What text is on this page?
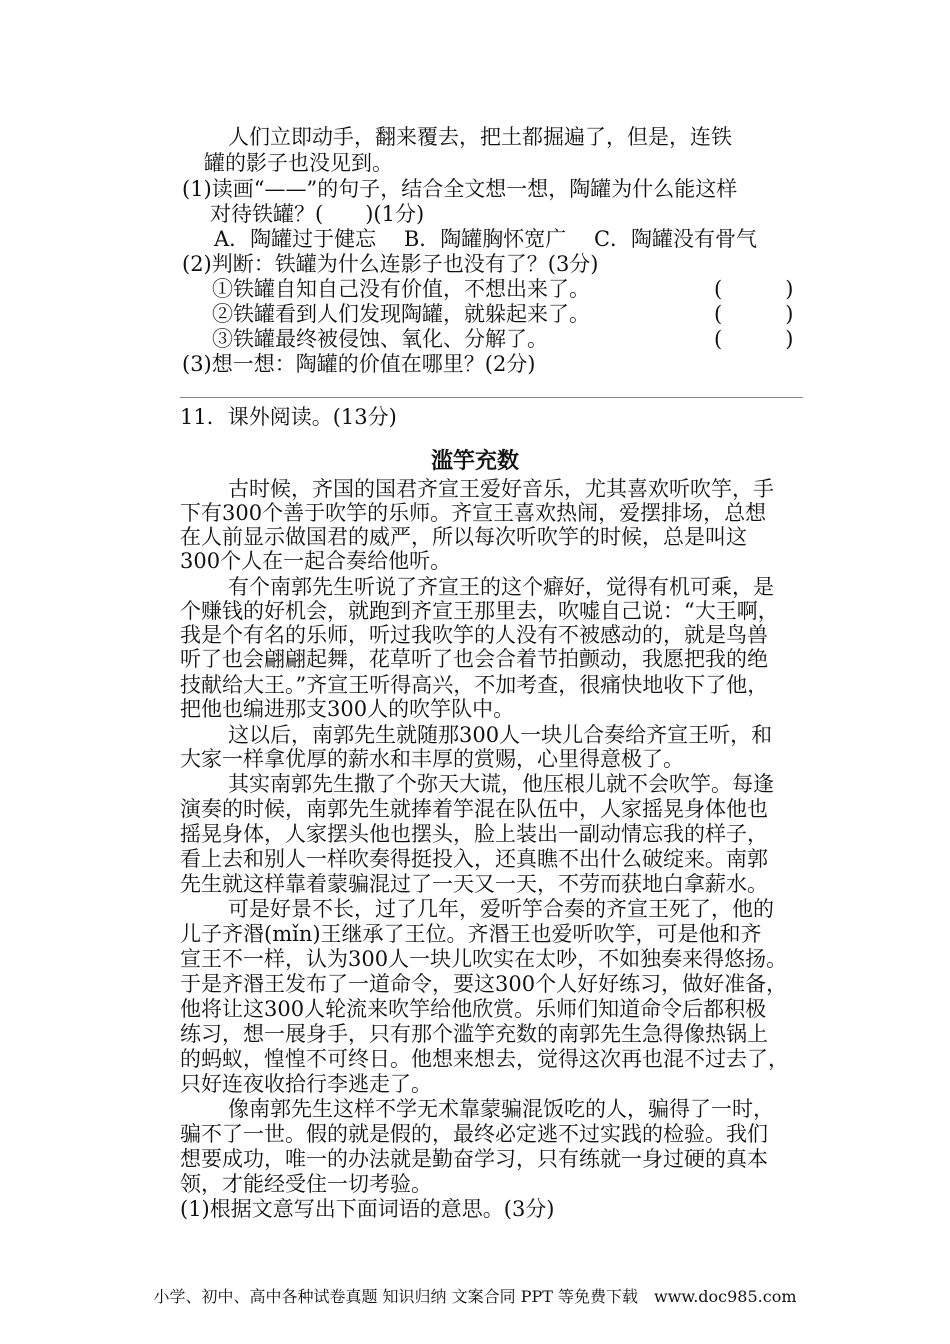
人们立即动手，翻来覆去，把土都掘遍了，但是，连铁
罐的影子也没见到。
(1)读画“——”的句子，结合全文想一想，陶罐为什么能这样
对待铁罐？(　　)(1分)
A．陶罐过于健忘　 B．陶罐胸怀宽广　 C．陶罐没有骨气
(2)判断：铁罐为什么连影子也没有了？(3分)
①铁罐自知自己没有价值，不想出来了。	(　　　)
②铁罐看到人们发现陶罐，就躲起来了。	(　　　)
③铁罐最终被侵蚀、氧化、分解了。	(　　　)
(3)想一想：陶罐的价值在哪里？(2分)
11．课外阅读。(13分)
滥竽充数
古时候，齐国的国君齐宣王爱好音乐，尤其喜欢听吹竽，手
下有300个善于吹竽的乐师。齐宣王喜欢热闹，爱摆排场，总想
在人前显示做国君的威严，所以每次听吹竽的时候，总是叫这
300个人在一起合奏给他听。
有个南郭先生听说了齐宣王的这个癖好，觉得有机可乘，是
个赚钱的好机会，就跑到齐宣王那里去，吹嘘自己说：“大王啊，
我是个有名的乐师，听过我吹竽的人没有不被感动的，就是鸟兽
听了也会翩翩起舞，花草听了也会合着节拍颤动，我愿把我的绝
技献给大王。”齐宣王听得高兴，不加考查，很痛快地收下了他，
把他也编进那支300人的吹竽队中。
这以后，南郭先生就随那300人一块儿合奏给齐宣王听，和
大家一样拿优厚的薪水和丰厚的赏赐，心里得意极了。
其实南郭先生撒了个弥天大谎，他压根儿就不会吹竽。每逢
演奏的时候，南郭先生就捧着竽混在队伍中，人家摇晃身体他也
摇晃身体，人家摆头他也摆头，脸上装出一副动情忘我的样子，
看上去和别人一样吹奏得挺投入，还真瞧不出什么破绽来。南郭
先生就这样靠着蒙骗混过了一天又一天，不劳而获地白拿薪水。
可是好景不长，过了几年，爱听竽合奏的齐宣王死了，他的
儿子齐湣(mǐn)王继承了王位。齐湣王也爱听吹竽，可是他和齐
宣王不一样，认为300人一块儿吹实在太吵，不如独奏来得悠扬。
于是齐湣王发布了一道命令，要这300个人好好练习，做好准备，
他将让这300人轮流来吹竽给他欣赏。乐师们知道命令后都积极
练习，想一展身手，只有那个滥竽充数的南郭先生急得像热锅上
的蚂蚁，惶惶不可终日。他想来想去，觉得这次再也混不过去了，
只好连夜收拾行李逃走了。
像南郭先生这样不学无术靠蒙骗混饭吃的人，骗得了一时，
骗不了一世。假的就是假的，最终必定逃不过实践的检验。我们
想要成功，唯一的办法就是勤奋学习，只有练就一身过硬的真本
领，才能经受住一切考验。
(1)根据文意写出下面词语的意思。(3分)
小学、初中、高中各种试卷真题 知识归纳 文案合同 PPT 等免费下载　www.doc985.com
